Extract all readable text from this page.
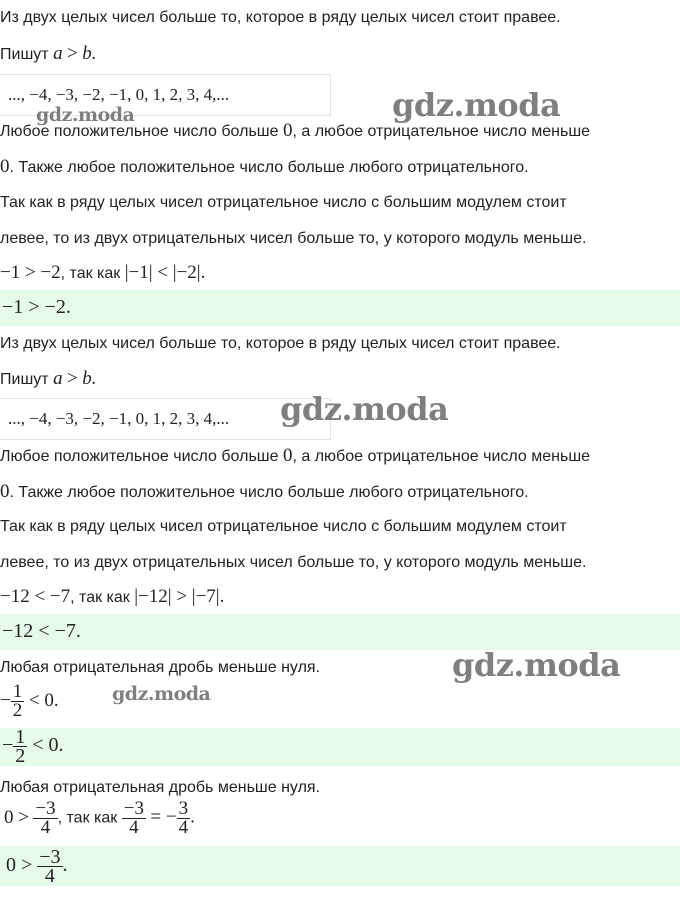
Из двух целых чисел больше то, которое в ряду целых чисел стоит правее.
Пишут a > b.
..., −4, −3, −2, −1, 0, 1, 2, 3, 4,...
Любое положительное число больше 0, а любое отрицательное число меньше
0. Также любое положительное число больше любого отрицательного.
Так как в ряду целых чисел отрицательное число с большим модулем стоит
левее, то из двух отрицательных чисел больше то, у которого модуль меньше.
−1 > −2, так как |−1| < |−2|.
−1 > −2.
Из двух целых чисел больше то, которое в ряду целых чисел стоит правее.
Пишут a > b.
..., −4, −3, −2, −1, 0, 1, 2, 3, 4,...
Любое положительное число больше 0, а любое отрицательное число меньше
0. Также любое положительное число больше любого отрицательного.
Так как в ряду целых чисел отрицательное число с большим модулем стоит
левее, то из двух отрицательных чисел больше то, у которого модуль меньше.
−12 < −7, так как |−12| > |−7|.
−12 < −7.
Любая отрицательная дробь меньше нуля.
− $\frac{1}{2} < 0$.
− $\frac{1}{2} < 0$.
Любая отрицательная дробь меньше нуля.
$0 > \frac{-3}{4}$ , так как $\frac{-3}{4}$ = − $\frac{3}{4}$ .
$0 > \frac{-3}{4}$ .
gdz.moda
gdz.moda
gdz.moda
gdz.moda
gdz.moda
